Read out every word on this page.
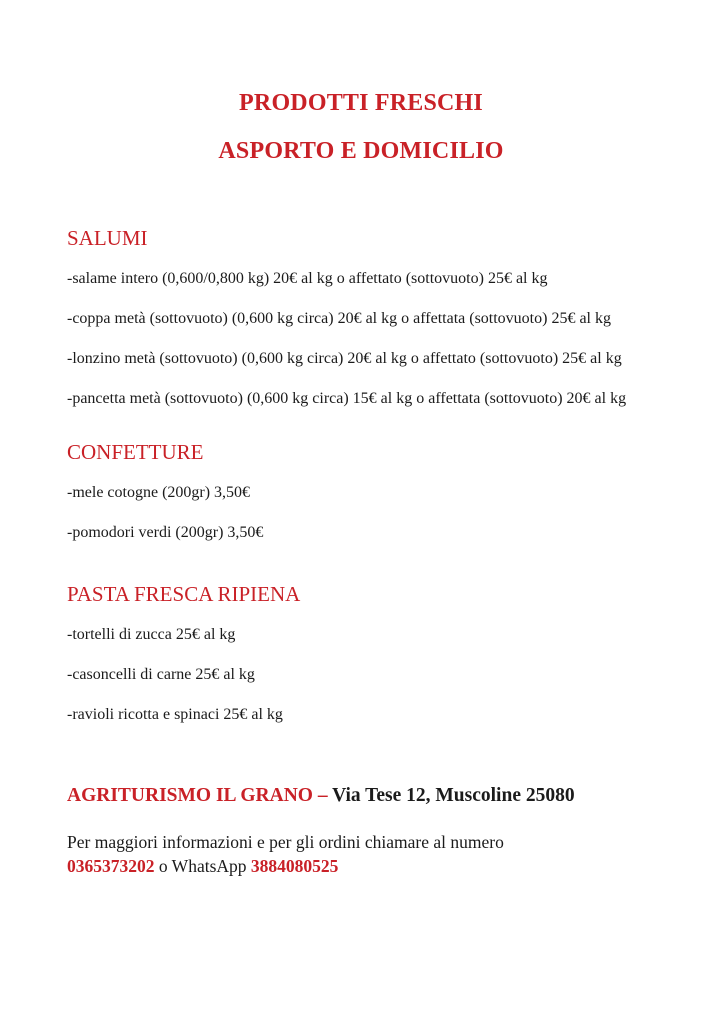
PRODOTTI FRESCHI
ASPORTO E DOMICILIO
SALUMI

-salame intero (0,600/0,800 kg) 20€ al kg o affettato (sottovuoto) 25€ al kg

-coppa metà (sottovuoto) (0,600 kg circa) 20€ al kg o affettata (sottovuoto) 25€ al kg

-lonzino metà (sottovuoto) (0,600 kg circa) 20€ al kg o affettato (sottovuoto) 25€ al kg

-pancetta metà (sottovuoto) (0,600 kg circa) 15€ al kg o affettata (sottovuoto) 20€ al kg

CONFETTURE

-mele cotogne (200gr) 3,50€

-pomodori verdi (200gr) 3,50€

PASTA FRESCA RIPIENA

-tortelli di zucca 25€ al kg

-casoncelli di carne 25€ al kg

-ravioli ricotta e spinaci 25€ al kg

AGRITURISMO IL GRANO – Via Tese 12, Muscoline 25080

Per maggiori informazioni e per gli ordini chiamare al numero
0365373202 o WhatsApp 3884080525
